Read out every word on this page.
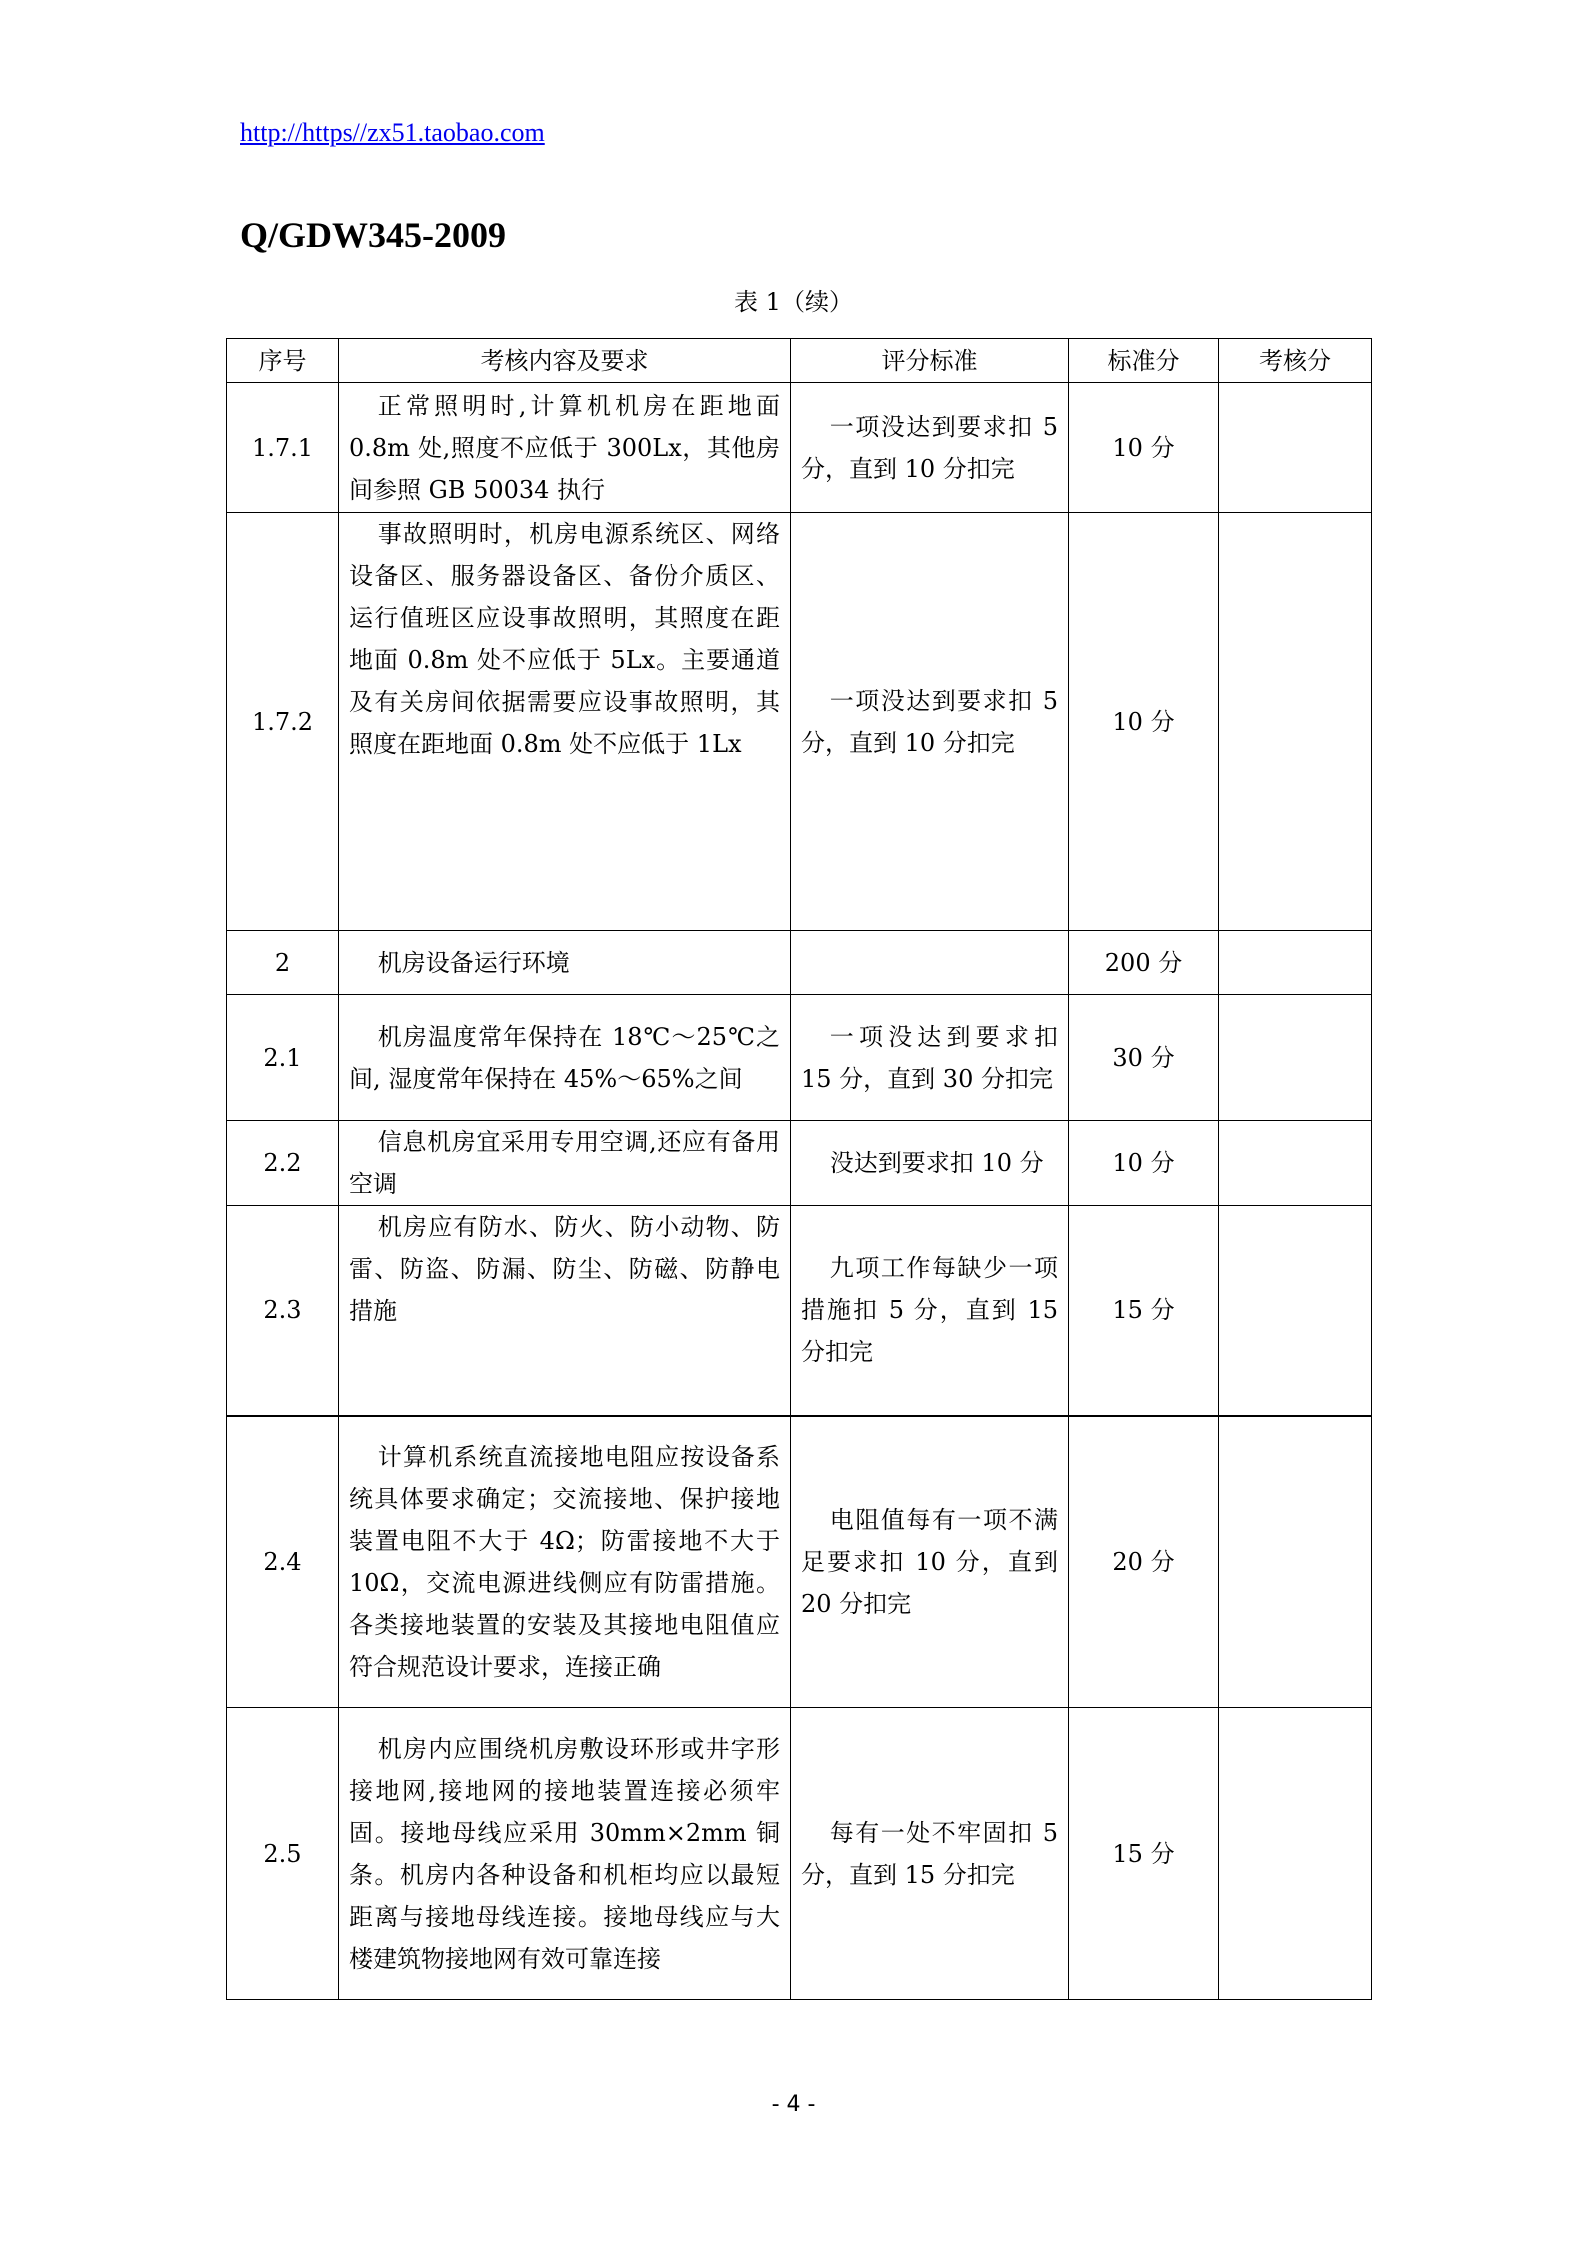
http://https//zx51.taobao.com
Q/GDW345-2009
表 1（续）
序号	考核内容及要求	评分标准	标准分	考核分
1.7.1	正常照明时,计算机机房在距地面 0.8m 处,照度不应低于 300Lx，其他房间参照 GB 50034 执行	一项没达到要求扣 5 分，直到 10 分扣完	10 分	
1.7.2	事故照明时，机房电源系统区、网络设备区、服务器设备区、备份介质区、运行值班区应设事故照明，其照度在距地面 0.8m 处不应低于 5Lx。主要通道及有关房间依据需要应设事故照明，其照度在距地面 0.8m 处不应低于 1Lx	一项没达到要求扣 5 分，直到 10 分扣完	10 分	
2	机房设备运行环境		200 分	
2.1	机房温度常年保持在 18℃～25℃之间, 湿度常年保持在 45%～65%之间	一项没达到要求扣 15 分，直到 30 分扣完	30 分	
2.2	信息机房宜采用专用空调,还应有备用空调	没达到要求扣 10 分	10 分	
2.3	机房应有防水、防火、防小动物、防雷、防盗、防漏、防尘、防磁、防静电措施	九项工作每缺少一项措施扣 5 分，直到 15 分扣完	15 分	
2.4	计算机系统直流接地电阻应按设备系统具体要求确定；交流接地、保护接地装置电阻不大于 4Ω；防雷接地不大于 10Ω，交流电源进线侧应有防雷措施。各类接地装置的安装及其接地电阻值应符合规范设计要求，连接正确	电阻值每有一项不满足要求扣 10 分，直到 20 分扣完	20 分	
2.5	机房内应围绕机房敷设环形或井字形接地网,接地网的接地装置连接必须牢固。接地母线应采用 30mm×2mm 铜条。机房内各种设备和机柜均应以最短距离与接地母线连接。接地母线应与大楼建筑物接地网有效可靠连接	每有一处不牢固扣 5 分，直到 15 分扣完	15 分	
- 4 -
